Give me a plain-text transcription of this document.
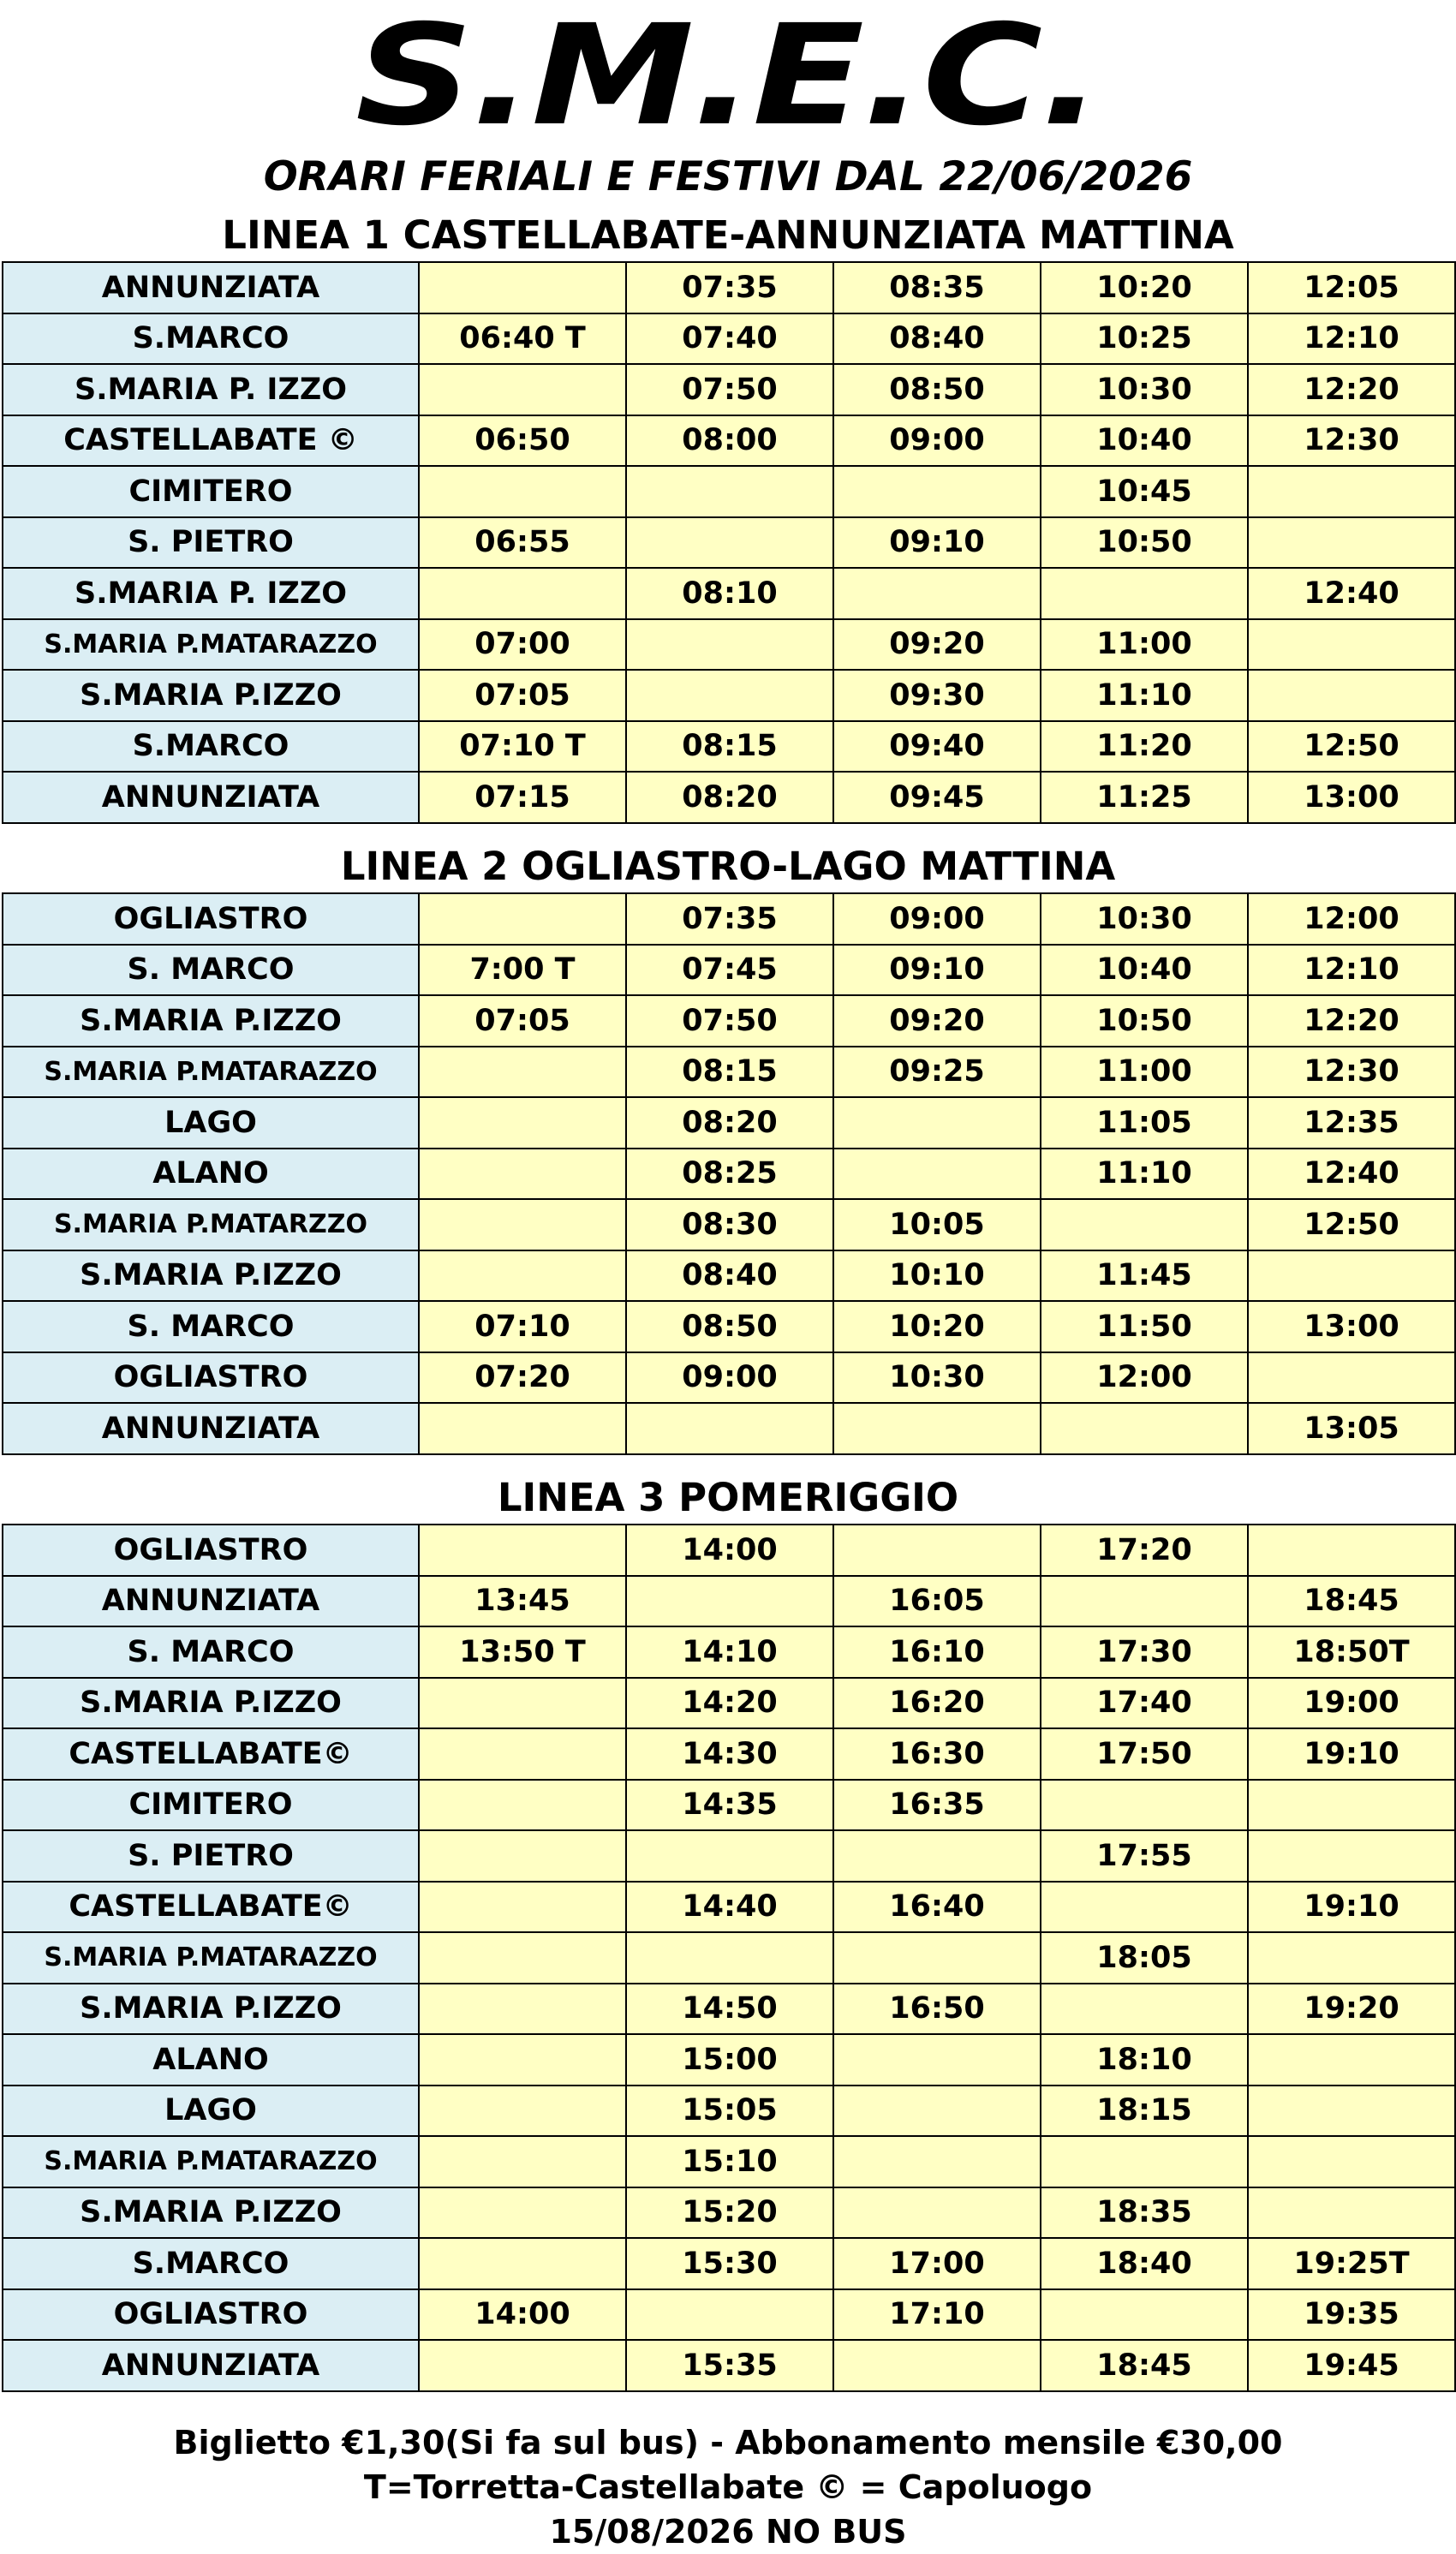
S.M.E.C.
ORARI FERIALI E FESTIVI DAL 22/06/2026
LINEA 1 CASTELLABATE-ANNUNZIATA MATTINA
ANNUNZIATA		07:35	08:35	10:20	12:05
S.MARCO	06:40 T	07:40	08:40	10:25	12:10
S.MARIA P. IZZO		07:50	08:50	10:30	12:20
CASTELLABATE ©	06:50	08:00	09:00	10:40	12:30
CIMITERO				10:45	
S. PIETRO	06:55		09:10	10:50	
S.MARIA P. IZZO		08:10			12:40
S.MARIA P.MATARAZZO	07:00		09:20	11:00	
S.MARIA P.IZZO	07:05		09:30	11:10	
S.MARCO	07:10 T	08:15	09:40	11:20	12:50
ANNUNZIATA	07:15	08:20	09:45	11:25	13:00
LINEA 2 OGLIASTRO-LAGO MATTINA
OGLIASTRO		07:35	09:00	10:30	12:00
S. MARCO	7:00 T	07:45	09:10	10:40	12:10
S.MARIA P.IZZO	07:05	07:50	09:20	10:50	12:20
S.MARIA P.MATARAZZO		08:15	09:25	11:00	12:30
LAGO		08:20		11:05	12:35
ALANO		08:25		11:10	12:40
S.MARIA P.MATARZZO		08:30	10:05		12:50
S.MARIA P.IZZO		08:40	10:10	11:45	
S. MARCO	07:10	08:50	10:20	11:50	13:00
OGLIASTRO	07:20	09:00	10:30	12:00	
ANNUNZIATA					13:05
LINEA 3 POMERIGGIO
OGLIASTRO		14:00		17:20	
ANNUNZIATA	13:45		16:05		18:45
S. MARCO	13:50 T	14:10	16:10	17:30	18:50T
S.MARIA P.IZZO		14:20	16:20	17:40	19:00
CASTELLABATE©		14:30	16:30	17:50	19:10
CIMITERO		14:35	16:35		
S. PIETRO				17:55	
CASTELLABATE©		14:40	16:40		19:10
S.MARIA P.MATARAZZO				18:05	
S.MARIA P.IZZO		14:50	16:50		19:20
ALANO		15:00		18:10	
LAGO		15:05		18:15	
S.MARIA P.MATARAZZO		15:10			
S.MARIA P.IZZO		15:20		18:35	
S.MARCO		15:30	17:00	18:40	19:25T
OGLIASTRO	14:00		17:10		19:35
ANNUNZIATA		15:35		18:45	19:45
Biglietto €1,30(Si fa sul bus) - Abbonamento mensile €30,00
T=Torretta-Castellabate © = Capoluogo
15/08/2026 NO BUS
